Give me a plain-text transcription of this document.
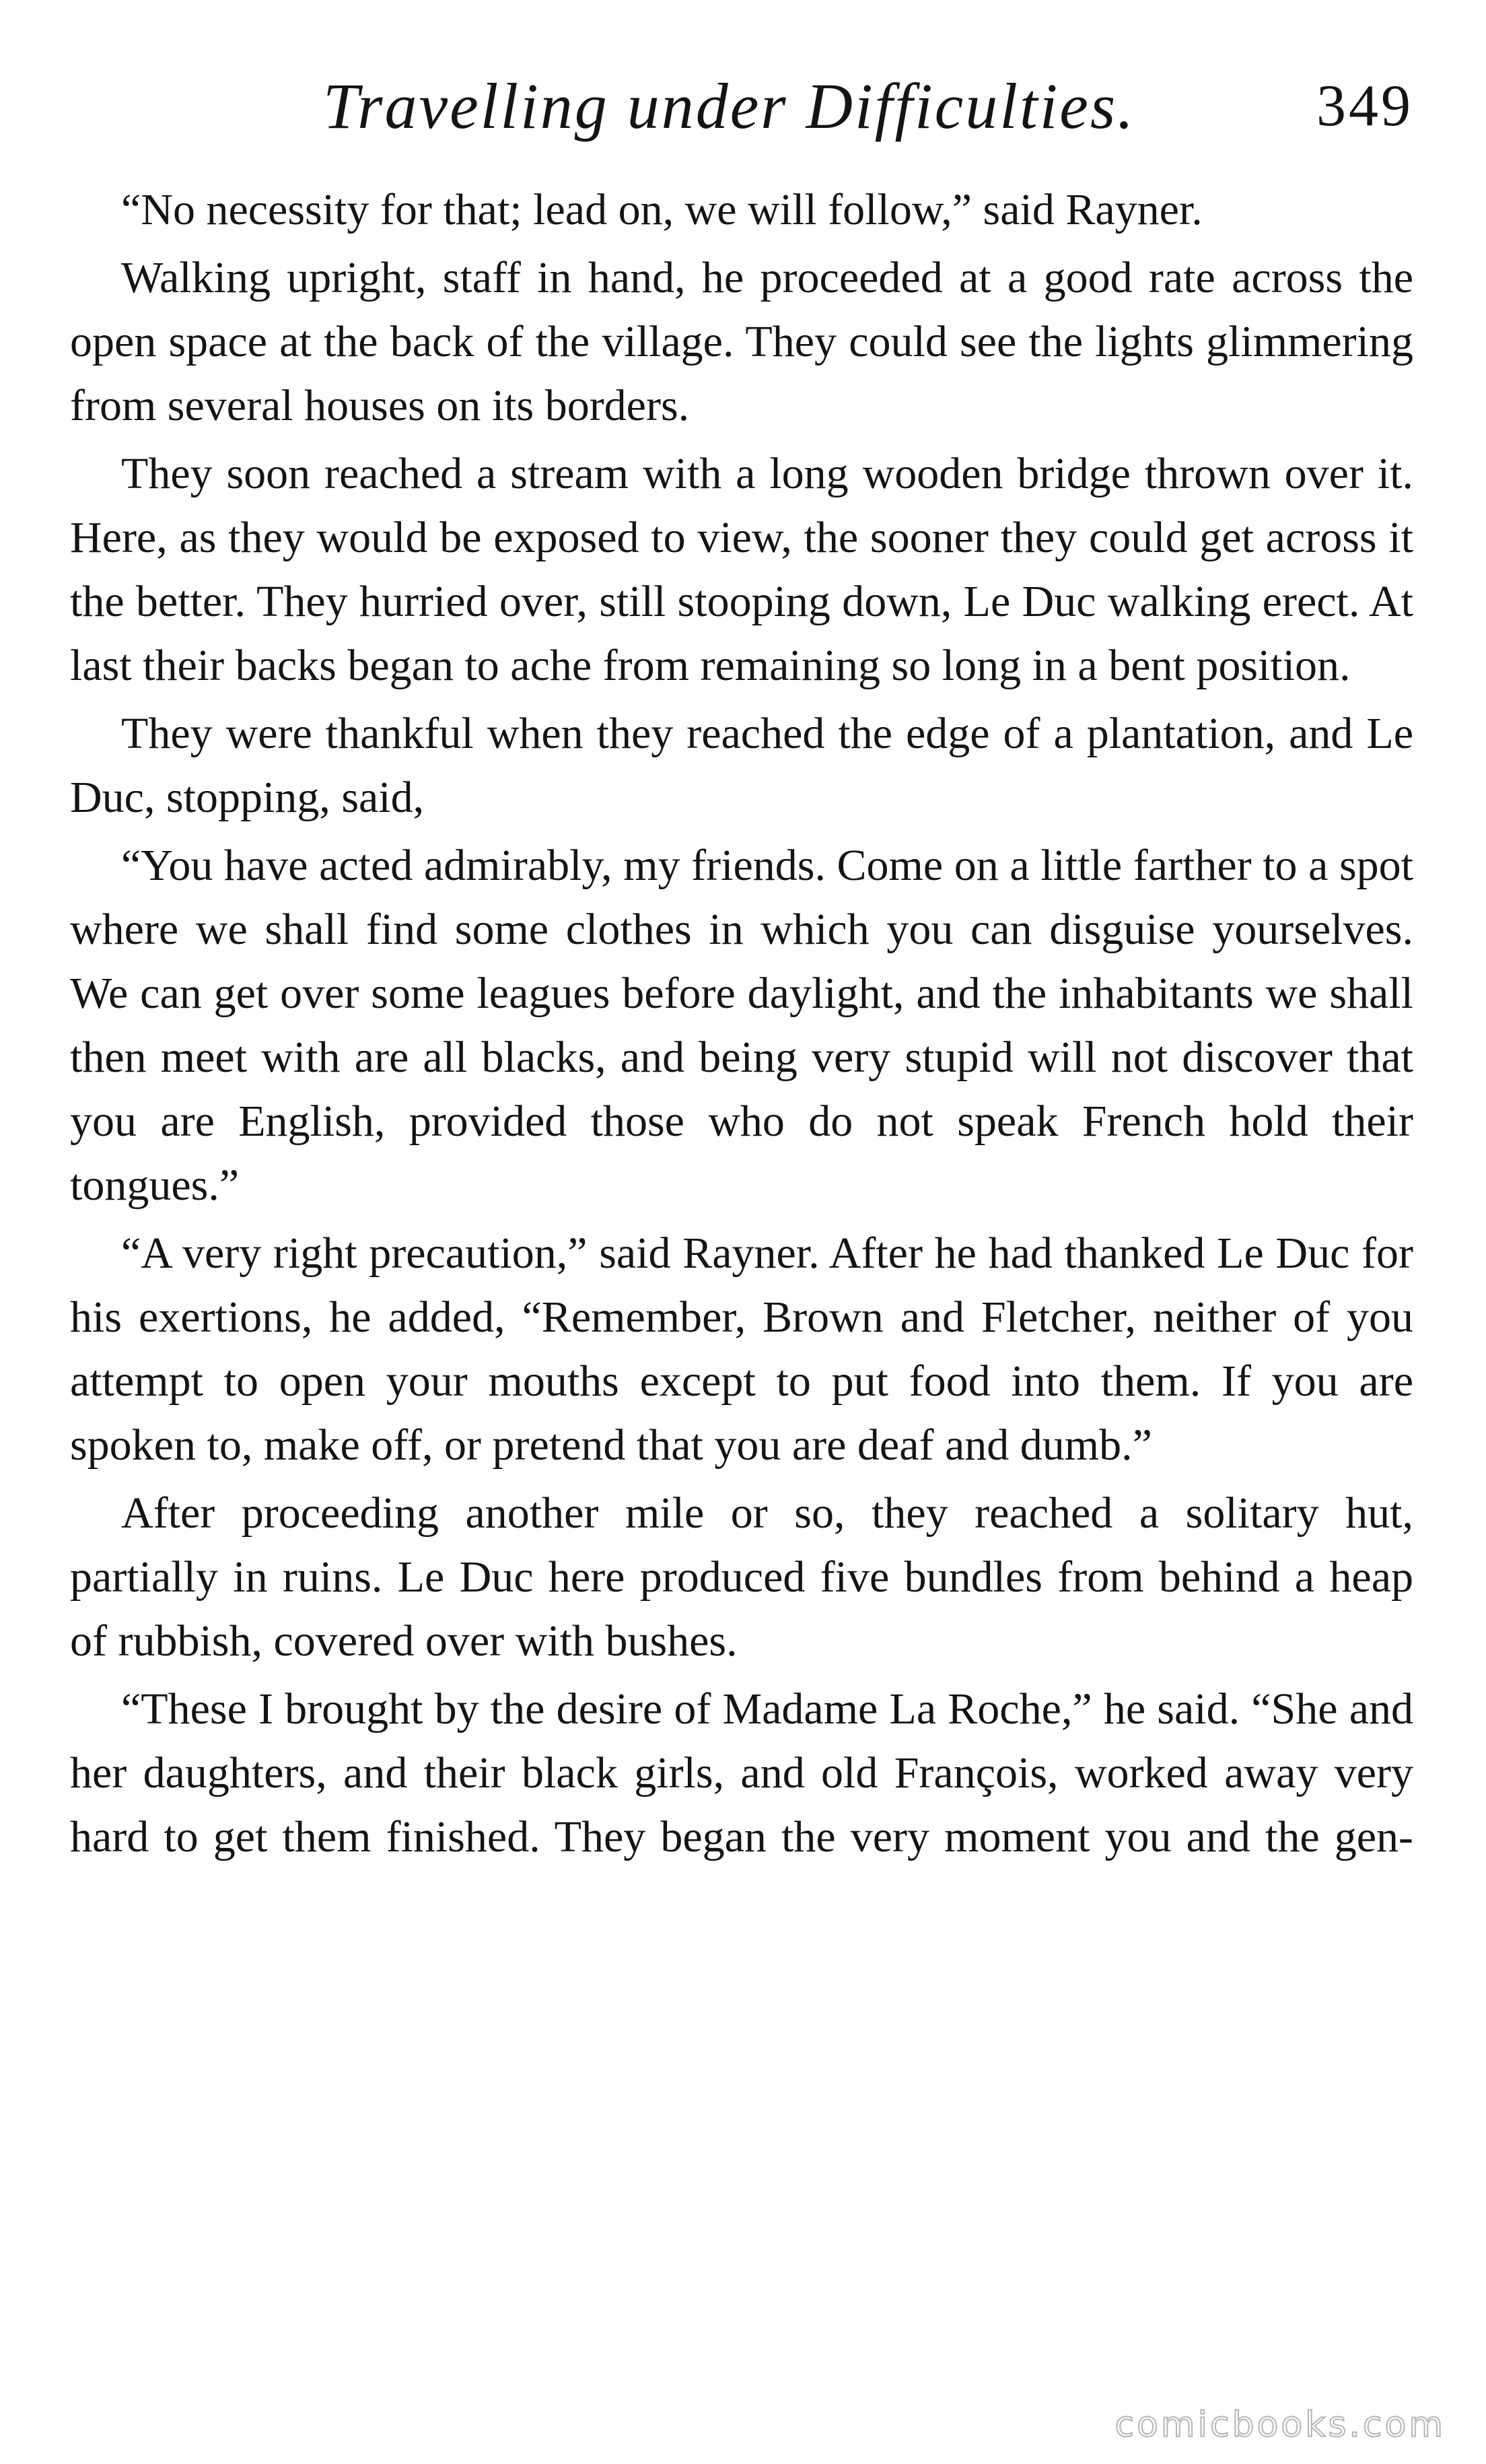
Travelling under Difficulties.	349

“No necessity for that; lead on, we will follow,” said Rayner.

Walking upright, staff in hand, he proceeded at a good rate across the open space at the back of the village. They could see the lights glimmering from several houses on its borders.

They soon reached a stream with a long wooden bridge thrown over it. Here, as they would be exposed to view, the sooner they could get across it the better. They hurried over, still stooping down, Le Duc walking erect. At last their backs began to ache from remaining so long in a bent position.

They were thankful when they reached the edge of a plantation, and Le Duc, stopping, said,

“You have acted admirably, my friends. Come on a little farther to a spot where we shall find some clothes in which you can disguise yourselves. We can get over some leagues before daylight, and the inhabitants we shall then meet with are all blacks, and being very stupid will not discover that you are English, provided those who do not speak French hold their tongues.”

“A very right precaution,” said Rayner. After he had thanked Le Duc for his exertions, he added, “Remember, Brown and Fletcher, neither of you attempt to open your mouths except to put food into them. If you are spoken to, make off, or pretend that you are deaf and dumb.”

After proceeding another mile or so, they reached a solitary hut, partially in ruins. Le Duc here produced five bundles from behind a heap of rubbish, covered over with bushes.

“These I brought by the desire of Madame La Roche,” he said. “She and her daughters, and their black girls, and old François, worked away very hard to get them finished. They began the very moment you and the gen-

comicbooks.com
